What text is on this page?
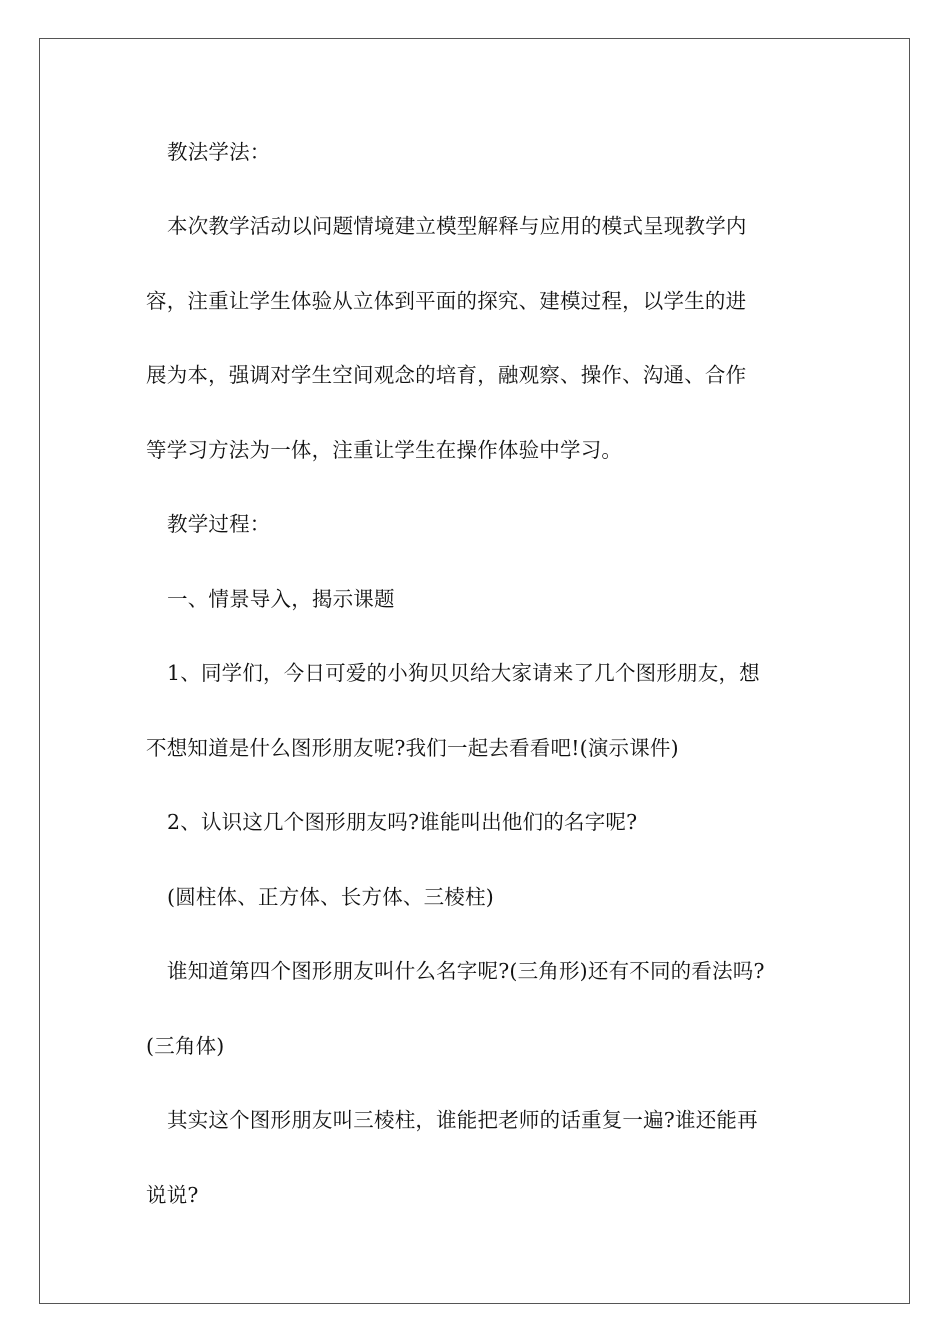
教法学法：
本次教学活动以问题情境建立模型解释与应用的模式呈现教学内
容，注重让学生体验从立体到平面的探究、建模过程，以学生的进
展为本，强调对学生空间观念的培育，融观察、操作、沟通、合作
等学习方法为一体，注重让学生在操作体验中学习。
教学过程：
一、情景导入，揭示课题
1、同学们，今日可爱的小狗贝贝给大家请来了几个图形朋友，想
不想知道是什么图形朋友呢?我们一起去看看吧!(演示课件)
2、认识这几个图形朋友吗?谁能叫出他们的名字呢?
(圆柱体、正方体、长方体、三棱柱)
谁知道第四个图形朋友叫什么名字呢?(三角形)还有不同的看法吗?
(三角体)
其实这个图形朋友叫三棱柱，谁能把老师的话重复一遍?谁还能再
说说?
